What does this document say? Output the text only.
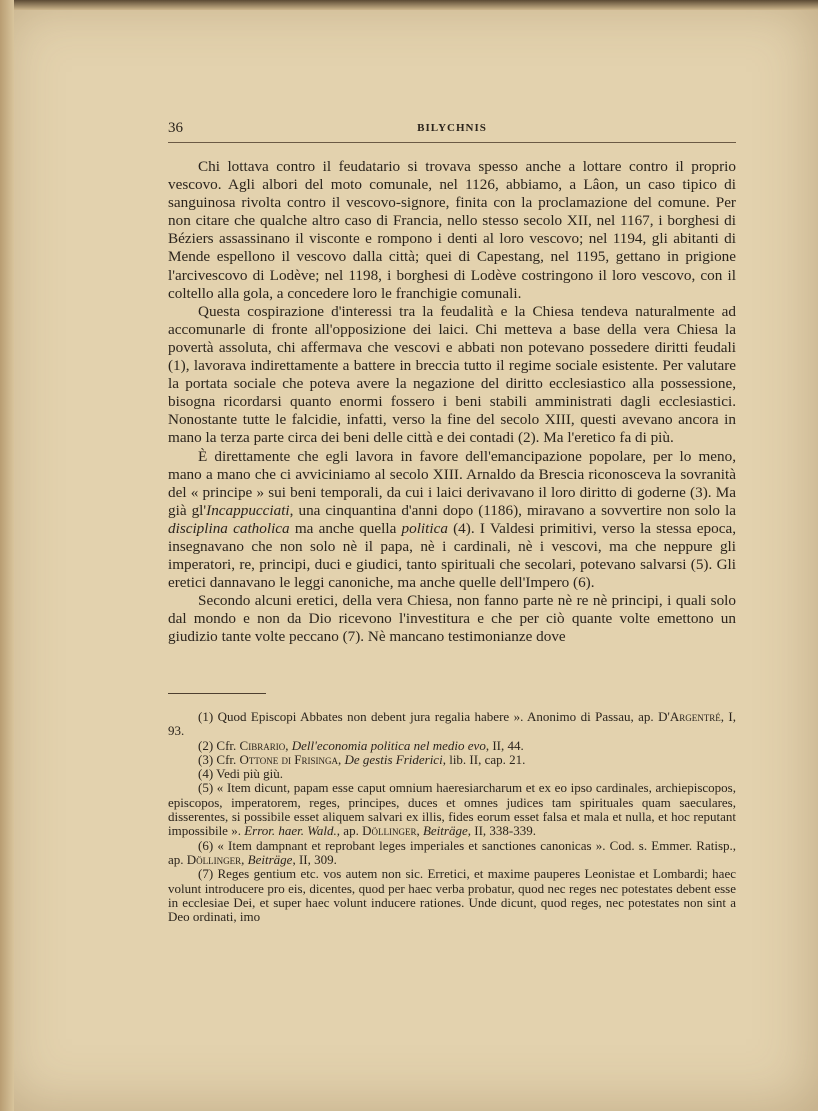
36	BILYCHNIS

Chi lottava contro il feudatario si trovava spesso anche a lottare contro il proprio vescovo. Agli albori del moto comunale, nel 1126, abbiamo, a Lâon, un caso tipico di sanguinosa rivolta contro il vescovo-signore, finita con la proclamazione del comune. Per non citare che qualche altro caso di Francia, nello stesso secolo XII, nel 1167, i borghesi di Béziers assassinano il visconte e rompono i denti al loro vescovo; nel 1194, gli abitanti di Mende espellono il vescovo dalla città; quei di Capestang, nel 1195, gettano in prigione l'arcivescovo di Lodève; nel 1198, i borghesi di Lodève costringono il loro vescovo, con il coltello alla gola, a concedere loro le franchigie comunali.

Questa cospirazione d'interessi tra la feudalità e la Chiesa tendeva naturalmente ad accomunarle di fronte all'opposizione dei laici. Chi metteva a base della vera Chiesa la povertà assoluta, chi affermava che vescovi e abbati non potevano possedere diritti feudali (1), lavorava indirettamente a battere in breccia tutto il regime sociale esistente. Per valutare la portata sociale che poteva avere la negazione del diritto ecclesiastico alla possessione, bisogna ricordarsi quanto enormi fossero i beni stabili amministrati dagli ecclesiastici. Nonostante tutte le falcidie, infatti, verso la fine del secolo XIII, questi avevano ancora in mano la terza parte circa dei beni delle città e dei contadi (2). Ma l'eretico fa di più.

È direttamente che egli lavora in favore dell'emancipazione popolare, per lo meno, mano a mano che ci avviciniamo al secolo XIII. Arnaldo da Brescia riconosceva la sovranità del « principe » sui beni temporali, da cui i laici derivavano il loro diritto di goderne (3). Ma già gl'Incappucciati, una cinquantina d'anni dopo (1186), miravano a sovvertire non solo la disciplina catholica ma anche quella politica (4). I Valdesi primitivi, verso la stessa epoca, insegnavano che non solo nè il papa, nè i cardinali, nè i vescovi, ma che neppure gli imperatori, re, principi, duci e giudici, tanto spirituali che secolari, potevano salvarsi (5). Gli eretici dannavano le leggi canoniche, ma anche quelle dell'Impero (6).

Secondo alcuni eretici, della vera Chiesa, non fanno parte nè re nè principi, i quali solo dal mondo e non da Dio ricevono l'investitura e che per ciò quante volte emettono un giudizio tante volte peccano (7). Nè mancano testimonianze dove

(1) Quod Episcopi Abbates non debent jura regalia habere ». Anonimo di Passau, ap. D'Argentré, I, 93.

(2) Cfr. Cibrario, Dell'economia politica nel medio evo, II, 44.

(3) Cfr. Ottone di Frisinga, De gestis Friderici, lib. II, cap. 21.

(4) Vedi più giù.

(5) « Item dicunt, papam esse caput omnium haeresiarcharum et ex eo ipso cardinales, archiepiscopos, episcopos, imperatorem, reges, principes, duces et omnes judices tam spirituales quam saeculares, disserentes, si possibile esset aliquem salvari ex illis, fides eorum esset falsa et mala et nulla, et hoc reputant impossibile ». Error. haer. Wald., ap. Döllinger, Beiträge, II, 338-339.

(6) « Item dampnant et reprobant leges imperiales et sanctiones canonicas ». Cod. s. Emmer. Ratisp., ap. Döllinger, Beiträge, II, 309.

(7) Reges gentium etc. vos autem non sic. Erretici, et maxime pauperes Leonistae et Lombardi; haec volunt introducere pro eis, dicentes, quod per haec verba probatur, quod nec reges nec potestates debent esse in ecclesiae Dei, et super haec volunt inducere rationes. Unde dicunt, quod reges, nec potestates non sint a Deo ordinati, imo
